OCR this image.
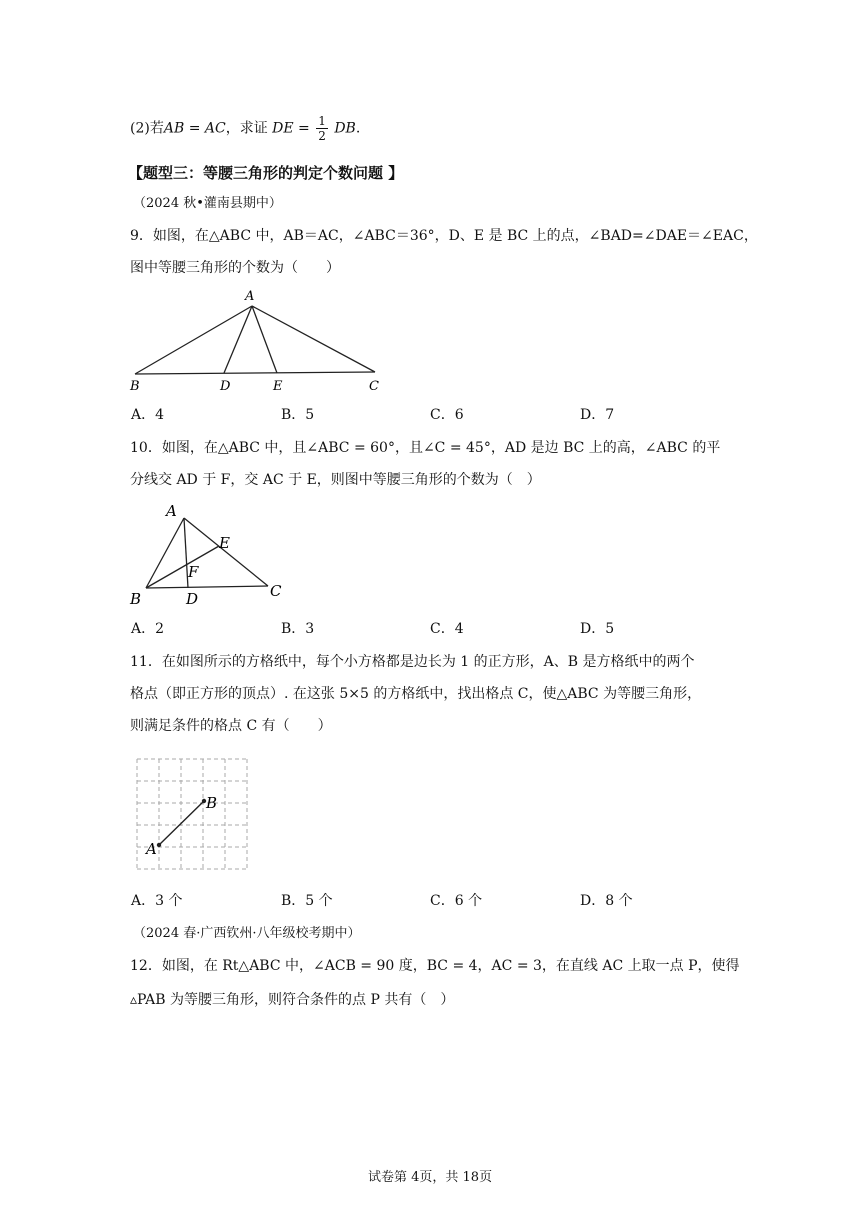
(2)若AB = AC，求证 DE = $\frac{1}{2}$ DB.
【题型三：等腰三角形的判定个数问题 】
（2024 秋•灌南县期中）
9．如图，在△ABC 中，AB＝AC，∠ABC＝36°，D、E 是 BC 上的点，∠BAD=∠DAE＝∠EAC，
图中等腰三角形的个数为（　　）
A
B	D	E	C
A．4	B．5	C．6	D．7
10．如图，在△ABC 中，且∠ABC = 60°，且∠C = 45°，AD 是边 BC 上的高，∠ABC 的平
分线交 AD 于 F，交 AC 于 E，则图中等腰三角形的个数为（　）
A
E
F
B	D	C
A．2	B．3	C．4	D．5
11．在如图所示的方格纸中，每个小方格都是边长为 1 的正方形，A、B 是方格纸中的两个
格点（即正方形的顶点）. 在这张 5×5 的方格纸中，找出格点 C，使△ABC 为等腰三角形，
则满足条件的格点 C 有（　　）
A
B
A．3 个	B．5 个	C．6 个	D．8 个
（2024 春·广西钦州·八年级校考期中）
12．如图，在 Rt△ABC 中，∠ACB = 90 度，BC = 4，AC = 3，在直线 AC 上取一点 P，使得
▵PAB 为等腰三角形，则符合条件的点 P 共有（　）
试卷第 4页，共 18页
